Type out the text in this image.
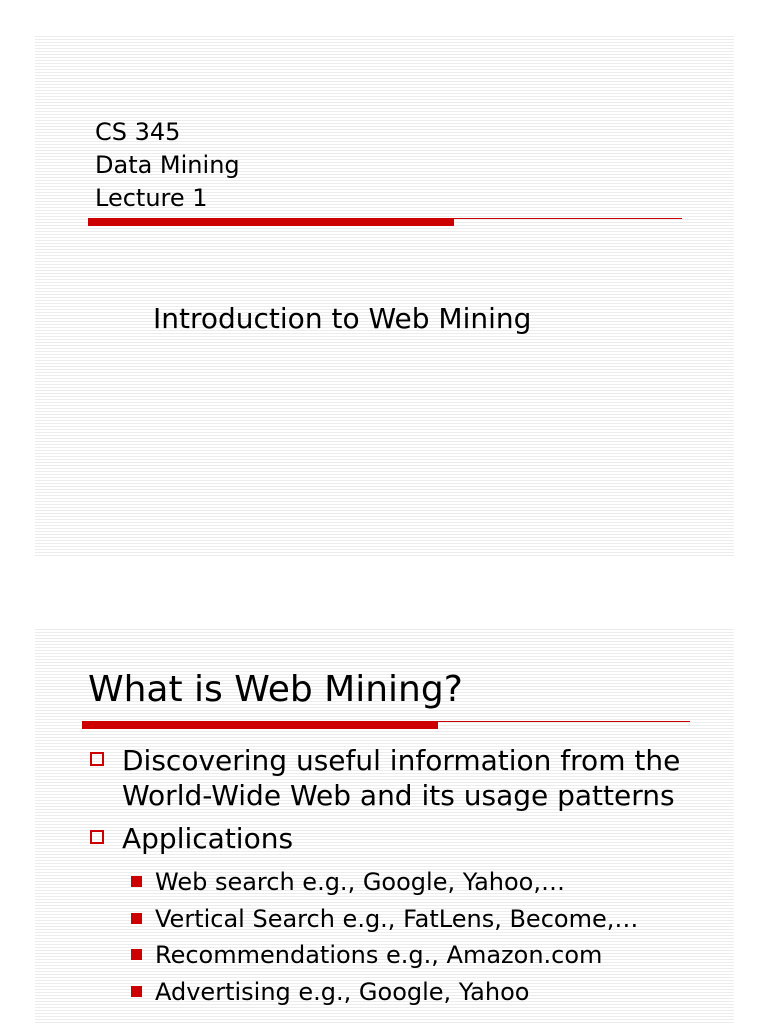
CS 345
Data Mining
Lecture 1
Introduction to Web Mining
What is Web Mining?
Discovering useful information from the World-Wide Web and its usage patterns
Applications
Web search e.g., Google, Yahoo,…
Vertical Search e.g., FatLens, Become,…
Recommendations e.g., Amazon.com
Advertising e.g., Google, Yahoo
